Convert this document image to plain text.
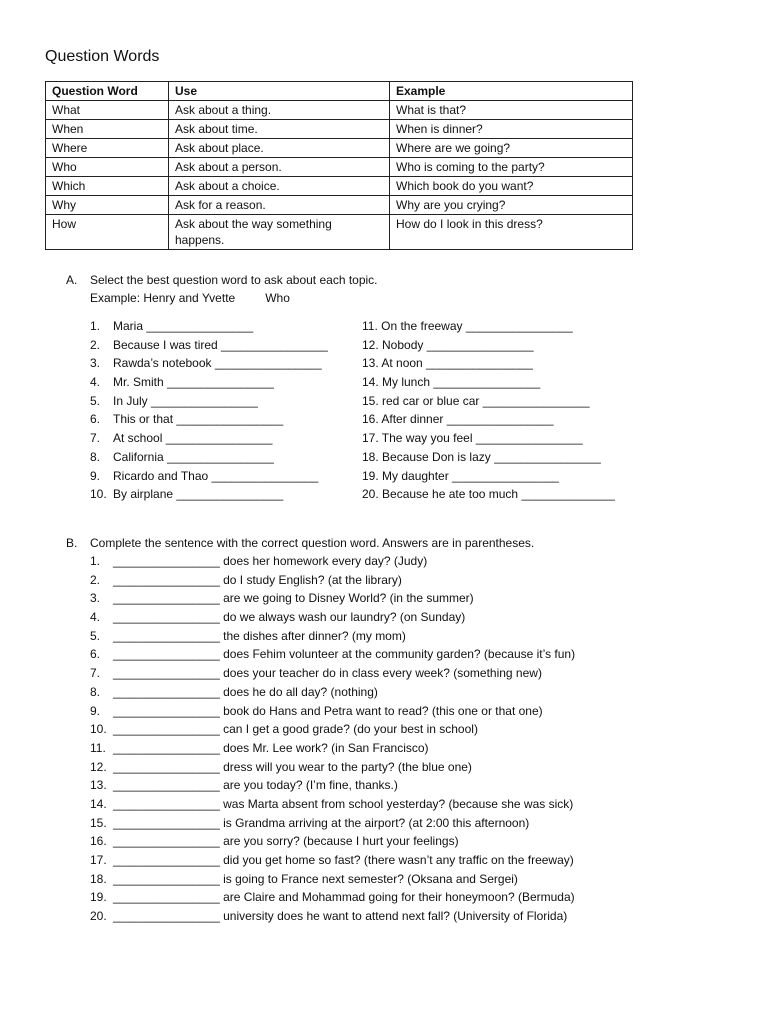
Question Words
Question Word	Use	Example
What	Ask about a thing.	What is that?
When	Ask about time.	When is dinner?
Where	Ask about place.	Where are we going?
Who	Ask about a person.	Who is coming to the party?
Which	Ask about a choice.	Which book do you want?
Why	Ask for a reason.	Why are you crying?
How	Ask about the way something happens.	How do I look in this dress?
A.	Select the best question word to ask about each topic.
Example: Henry and Yvette	Who
1.	Maria ________________
2.	Because I was tired ________________
3.	Rawda’s notebook ________________
4.	Mr. Smith ________________
5.	In July ________________
6.	This or that ________________
7.	At school ________________
8.	California ________________
9.	Ricardo and Thao ________________
10. By airplane ________________
11. On the freeway ________________
12. Nobody ________________
13. At noon ________________
14. My lunch ________________
15. red car or blue car ________________
16. After dinner ________________
17. The way you feel ________________
18. Because Don is lazy ________________
19. My daughter ________________
20. Because he ate too much ______________
B.	Complete the sentence with the correct question word. Answers are in parentheses.
1.	________________ does her homework every day? (Judy)
2.	________________ do I study English? (at the library)
3.	________________ are we going to Disney World? (in the summer)
4.	________________ do we always wash our laundry? (on Sunday)
5.	________________ the dishes after dinner? (my mom)
6.	________________ does Fehim volunteer at the community garden? (because it’s fun)
7.	________________ does your teacher do in class every week? (something new)
8.	________________ does he do all day? (nothing)
9.	________________ book do Hans and Petra want to read? (this one or that one)
10. ________________ can I get a good grade? (do your best in school)
11. ________________ does Mr. Lee work? (in San Francisco)
12. ________________ dress will you wear to the party? (the blue one)
13. ________________ are you today? (I’m fine, thanks.)
14. ________________ was Marta absent from school yesterday? (because she was sick)
15. ________________ is Grandma arriving at the airport? (at 2:00 this afternoon)
16. ________________ are you sorry? (because I hurt your feelings)
17. ________________ did you get home so fast? (there wasn’t any traffic on the freeway)
18. ________________ is going to France next semester? (Oksana and Sergei)
19. ________________ are Claire and Mohammad going for their honeymoon? (Bermuda)
20. ________________ university does he want to attend next fall? (University of Florida)
